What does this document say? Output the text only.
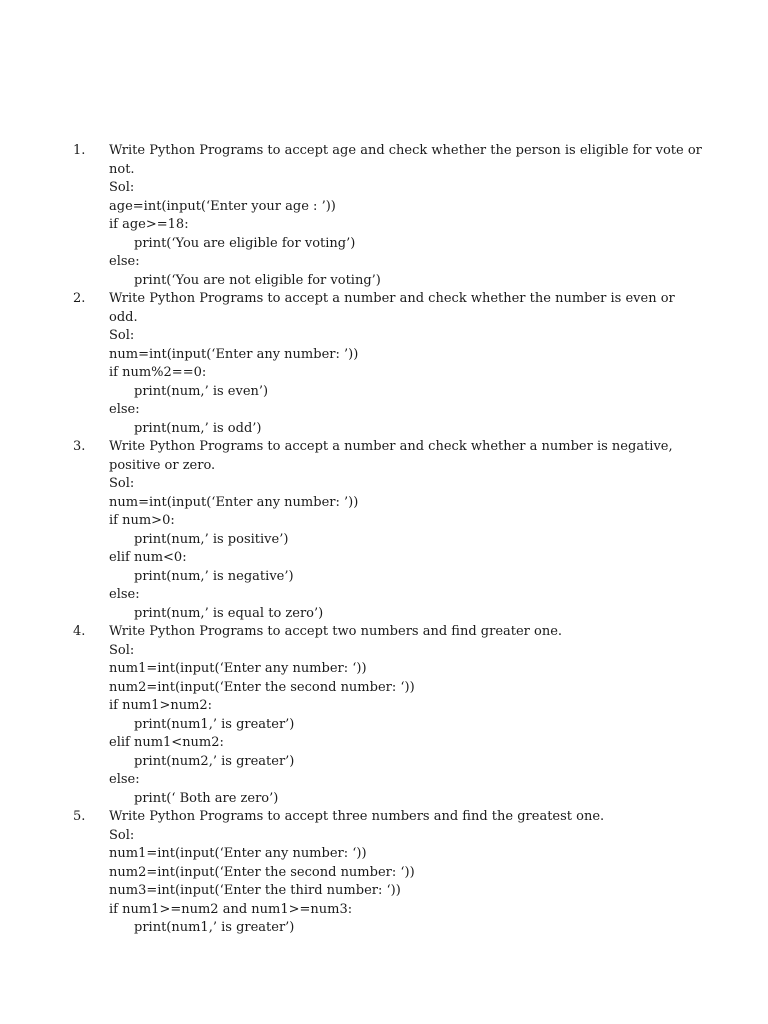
1. Write Python Programs to accept age and check whether the person is eligible for vote or
not.
Sol:
age=int(input(‘Enter your age : ’))
if age>=18:
print(‘You are eligible for voting’)
else:
print(‘You are not eligible for voting’)
2. Write Python Programs to accept a number and check whether the number is even or
odd.
Sol:
num=int(input(‘Enter any number: ’))
if num%2==0:
print(num,’ is even’)
else:
print(num,’ is odd’)
3. Write Python Programs to accept a number and check whether a number is negative,
positive or zero.
Sol:
num=int(input(‘Enter any number: ’))
if num>0:
print(num,’ is positive’)
elif num<0:
print(num,’ is negative’)
else:
print(num,’ is equal to zero’)
4. Write Python Programs to accept two numbers and find greater one.
Sol:
num1=int(input(‘Enter any number: ‘))
num2=int(input(‘Enter the second number: ‘))
if num1>num2:
print(num1,’ is greater’)
elif num1<num2:
print(num2,’ is greater’)
else:
print(‘ Both are zero’)
5. Write Python Programs to accept three numbers and find the greatest one.
Sol:
num1=int(input(‘Enter any number: ‘))
num2=int(input(‘Enter the second number: ‘))
num3=int(input(‘Enter the third number: ‘))
if num1>=num2 and num1>=num3:
print(num1,’ is greater’)
